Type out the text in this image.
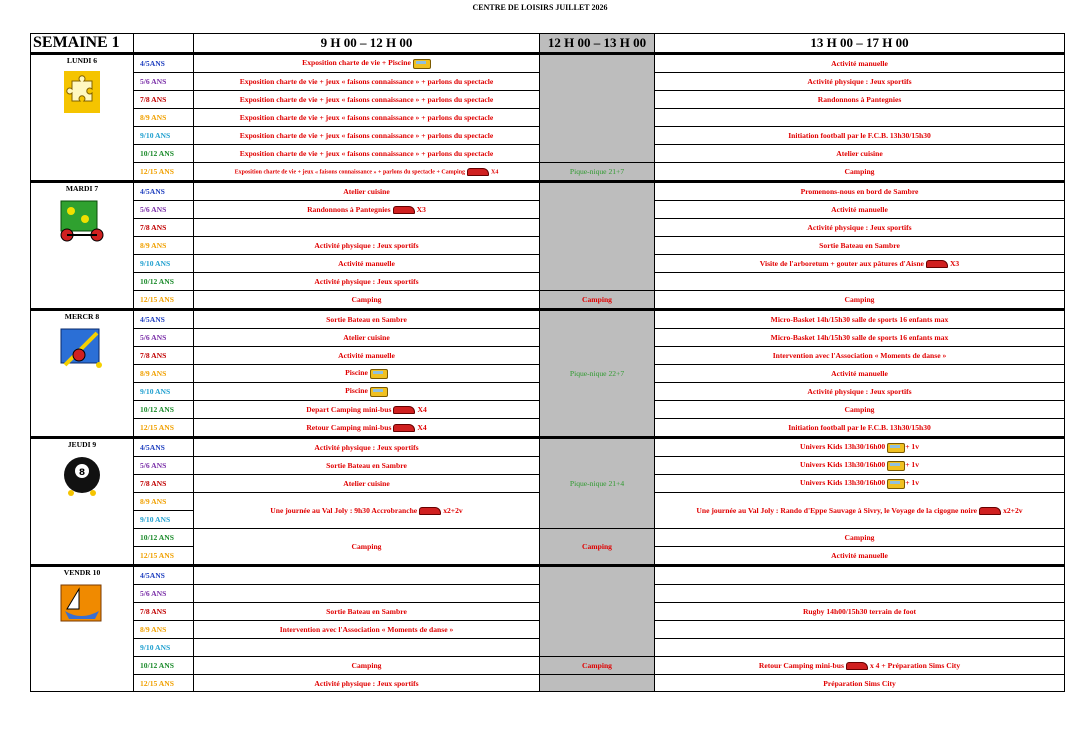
CENTRE DE LOISIRS JUILLET 2026
SEMAINE 1		9 H 00 – 12 H 00	12 H 00 – 13 H 00	13 H 00 – 17 H 00
LUNDI 6	4/5ANS	Exposition charte de vie + Piscine		Activité manuelle
	5/6 ANS	Exposition charte de vie + jeux « faisons connaissance » + parlons du spectacle		Activité physique : Jeux sportifs
	7/8 ANS	Exposition charte de vie + jeux « faisons connaissance » + parlons du spectacle		Randonnons à Pantegnies
	8/9 ANS	Exposition charte de vie + jeux « faisons connaissance » + parlons du spectacle		
	9/10 ANS	Exposition charte de vie + jeux « faisons connaissance » + parlons du spectacle		Initiation football par le F.C.B. 13h30/15h30
	10/12 ANS	Exposition charte de vie + jeux « faisons connaissance » + parlons du spectacle		Atelier cuisine
	12/15 ANS	Exposition charte de vie + jeux « faisons connaissance » + parlons du spectacle + Camping X4	Pique-nique 21+7	Camping
MARDI 7	4/5ANS	Atelier cuisine		Promenons-nous en bord de Sambre
	5/6 ANS	Randonnons à Pantegnies X3		Activité manuelle
	7/8 ANS			Activité physique : Jeux sportifs
	8/9 ANS	Activité physique : Jeux sportifs		Sortie Bateau en Sambre
	9/10 ANS	Activité manuelle		Visite de l'arboretum + gouter aux pâtures d'Aisne X3
	10/12 ANS	Activité physique : Jeux sportifs		
	12/15 ANS	Camping	Camping	Camping
MERCR 8	4/5ANS	Sortie Bateau en Sambre	Pique-nique 22+7	Micro-Basket 14h/15h30 salle de sports 16 enfants max
	5/6 ANS	Atelier cuisine		Micro-Basket 14h/15h30 salle de sports 16 enfants max
	7/8 ANS	Activité manuelle		Intervention avec l'Association « Moments de danse »
	8/9 ANS	Piscine		Activité manuelle
	9/10 ANS	Piscine		Activité physique : Jeux sportifs
	10/12 ANS	Depart Camping mini-bus X4		Camping
	12/15 ANS	Retour Camping mini-bus X4		Initiation football par le F.C.B. 13h30/15h30
JEUDI 9
8	4/5ANS	Activité physique : Jeux sportifs	Pique-nique 21+4	Univers Kids 13h30/16h00 + 1v
	5/6 ANS	Sortie Bateau en Sambre		Univers Kids 13h30/16h00 + 1v
	7/8 ANS	Atelier cuisine		Univers Kids 13h30/16h00 + 1v
	8/9 ANS	Une journée au Val Joly : 9h30 Accrobranche x2+2v		Une journée au Val Joly : Rando d'Eppe Sauvage à Sivry, le Voyage de la cigogne noire x2+2v
	9/10 ANS			
	10/12 ANS	Camping	Camping	Camping
	12/15 ANS			Activité manuelle
VENDR 10	4/5ANS			
	5/6 ANS			
	7/8 ANS	Sortie Bateau en Sambre		Rugby 14h00/15h30 terrain de foot
	8/9 ANS	Intervention avec l'Association « Moments de danse »		
	9/10 ANS			
	10/12 ANS	Camping	Camping	Retour Camping mini-bus x 4 + Préparation Sims City
	12/15 ANS	Activité physique : Jeux sportifs		Préparation Sims City
